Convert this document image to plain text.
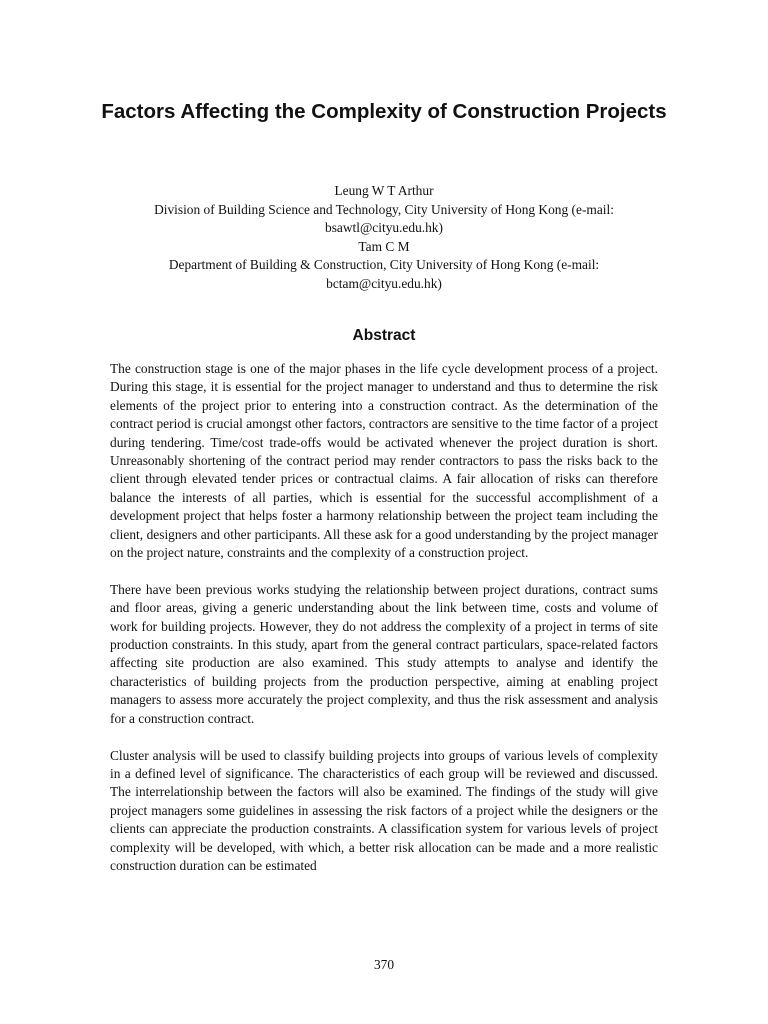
Factors Affecting the Complexity of Construction Projects
Leung W T Arthur
Division of Building Science and Technology, City University of Hong Kong (e-mail:
bsawtl@cityu.edu.hk)
Tam C M
Department of Building & Construction, City University of Hong Kong (e-mail:
bctam@cityu.edu.hk)
Abstract

The construction stage is one of the major phases in the life cycle development process of a project. During this stage, it is essential for the project manager to understand and thus to determine the risk elements of the project prior to entering into a construction contract. As the determination of the contract period is crucial amongst other factors, contractors are sensitive to the time factor of a project during tendering. Time/cost trade-offs would be activated whenever the project duration is short. Unreasonably shortening of the contract period may render contractors to pass the risks back to the client through elevated tender prices or contractual claims. A fair allocation of risks can therefore balance the interests of all parties, which is essential for the successful accomplishment of a development project that helps foster a harmony relationship between the project team including the client, designers and other participants. All these ask for a good understanding by the project manager on the project nature, constraints and the complexity of a construction project.

There have been previous works studying the relationship between project durations, contract sums and floor areas, giving a generic understanding about the link between time, costs and volume of work for building projects. However, they do not address the complexity of a project in terms of site production constraints. In this study, apart from the general contract particulars, space-related factors affecting site production are also examined. This study attempts to analyse and identify the characteristics of building projects from the production perspective, aiming at enabling project managers to assess more accurately the project complexity, and thus the risk assessment and analysis for a construction contract.

Cluster analysis will be used to classify building projects into groups of various levels of complexity in a defined level of significance. The characteristics of each group will be reviewed and discussed. The interrelationship between the factors will also be examined. The findings of the study will give project managers some guidelines in assessing the risk factors of a project while the designers or the clients can appreciate the production constraints. A classification system for various levels of project complexity will be developed, with which, a better risk allocation can be made and a more realistic construction duration can be estimated

370
